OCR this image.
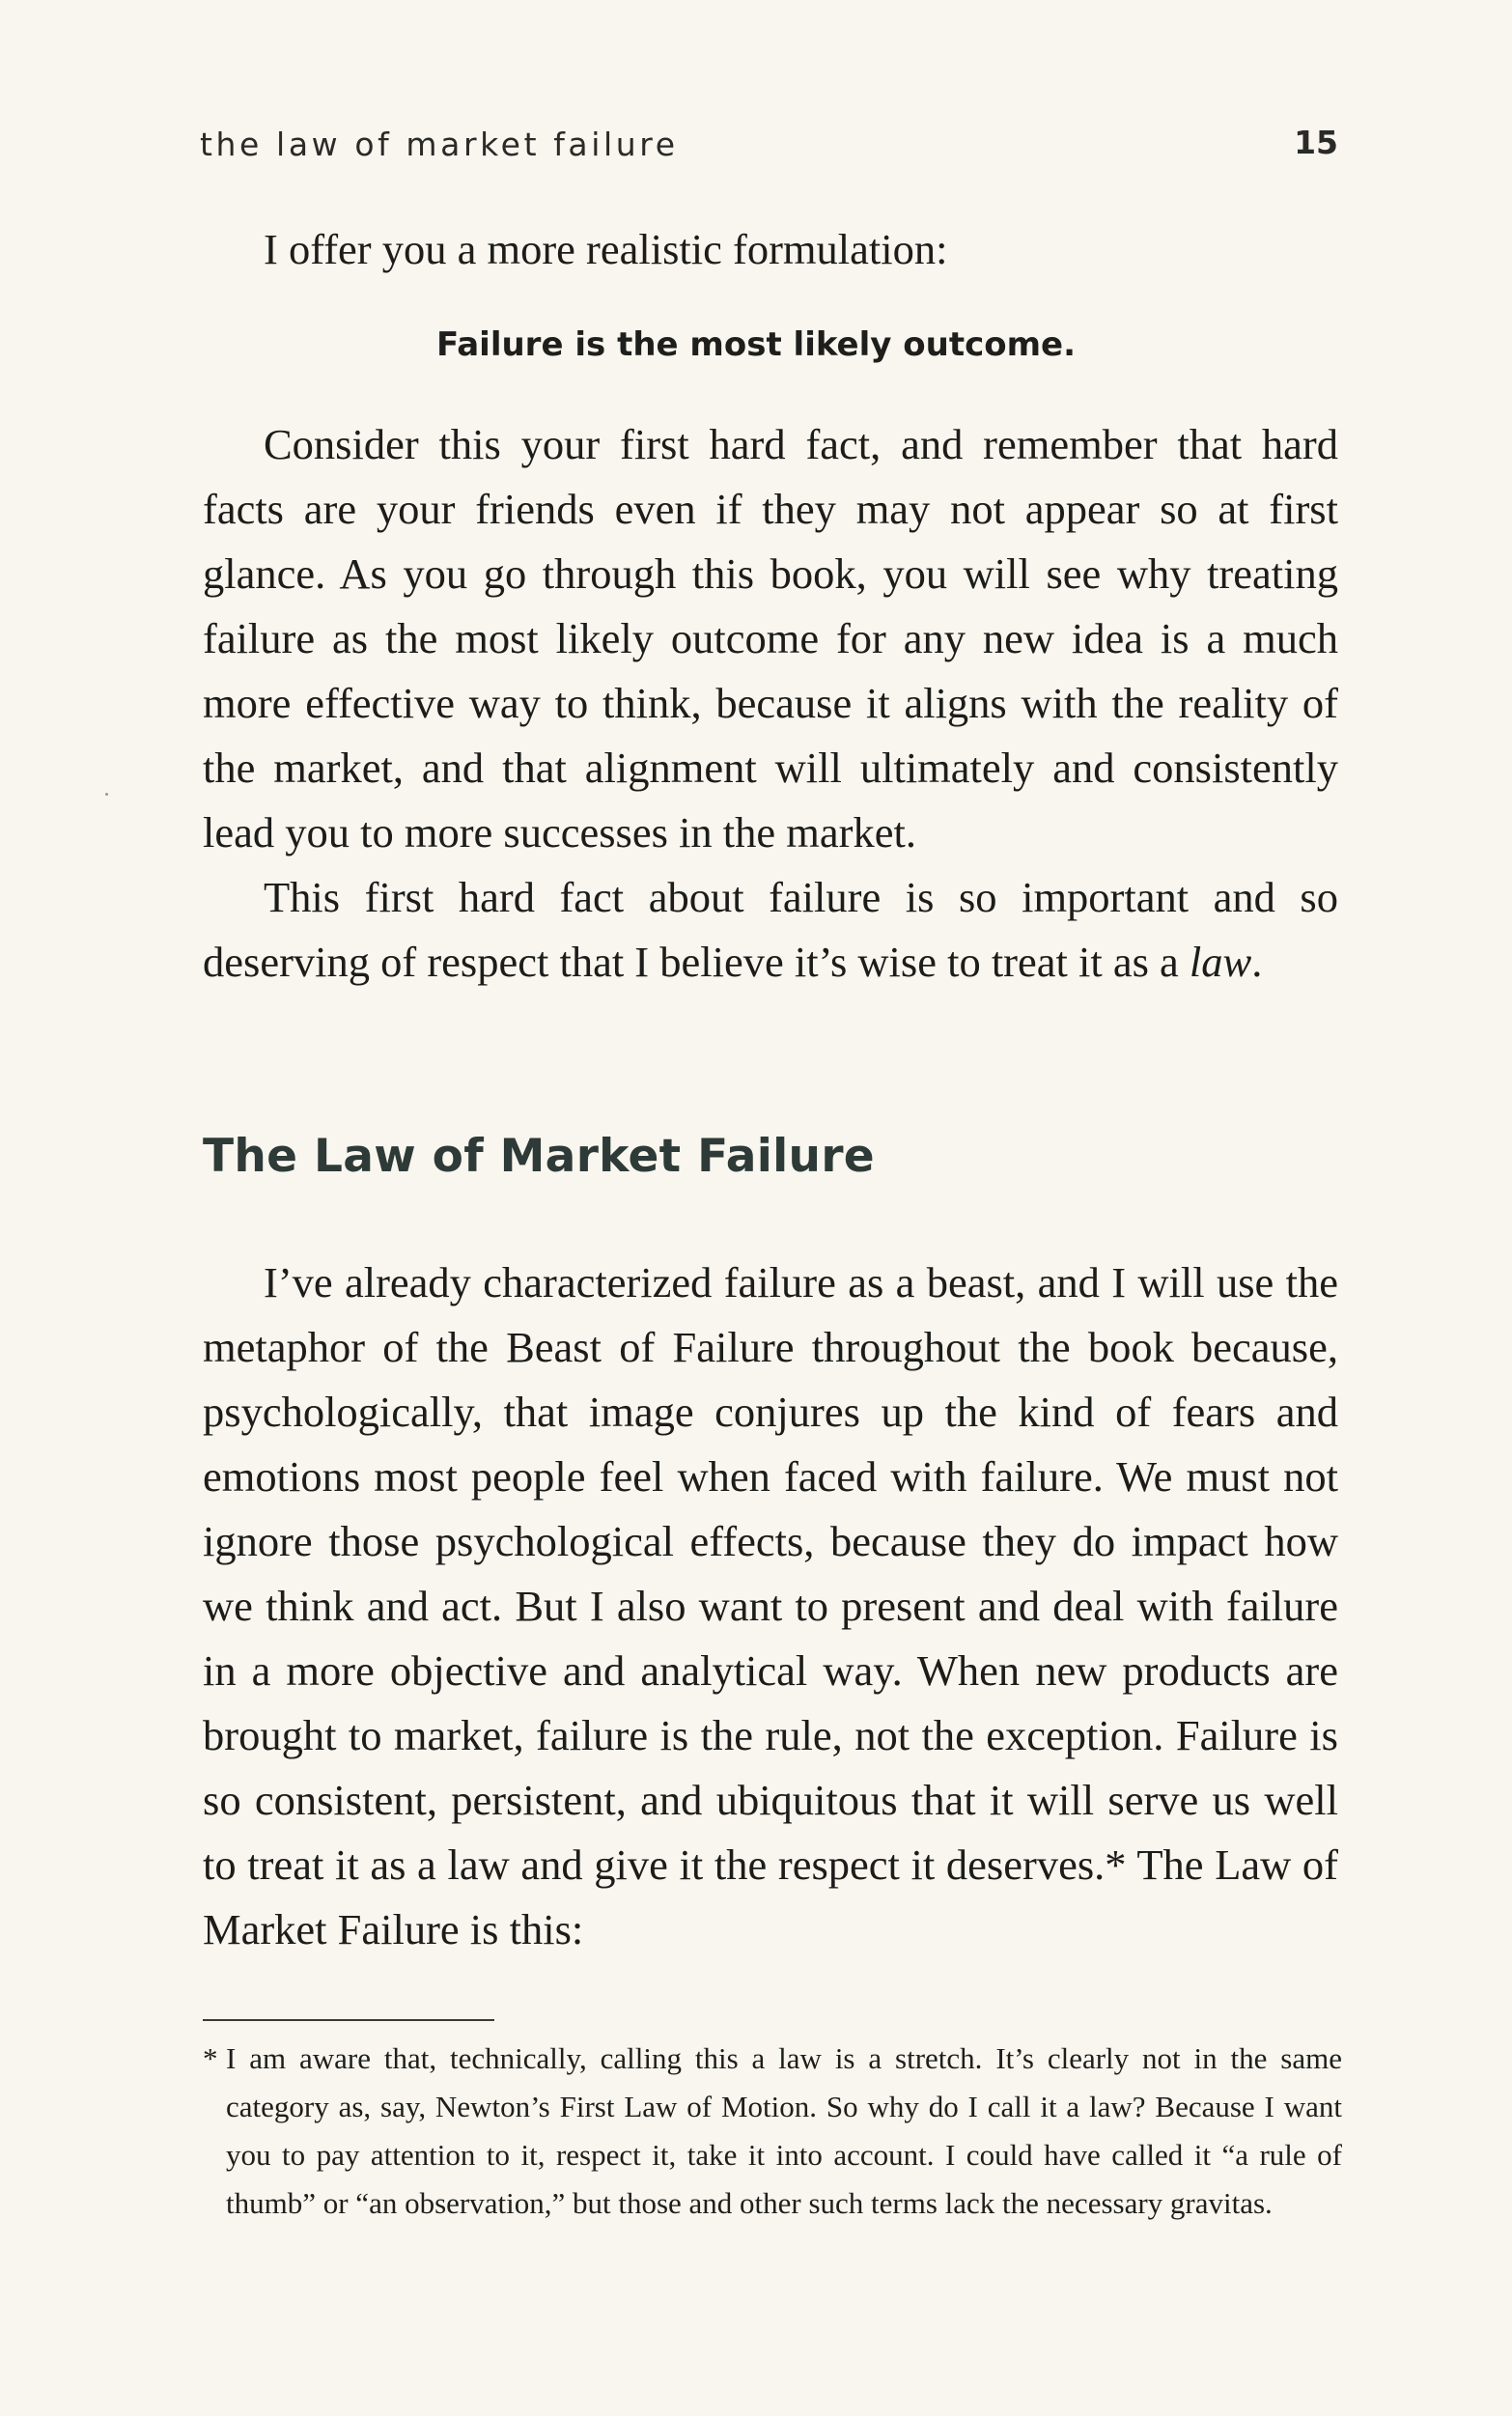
the law of market failure	15

I offer you a more realistic formulation:

Failure is the most likely outcome.

Consider this your first hard fact, and remember that hard facts are your friends even if they may not appear so at first glance. As you go through this book, you will see why treating failure as the most likely outcome for any new idea is a much more effective way to think, because it aligns with the reality of the market, and that alignment will ultimately and consistently lead you to more successes in the market.

This first hard fact about failure is so important and so deserving of respect that I believe it’s wise to treat it as a law.

The Law of Market Failure

I’ve already characterized failure as a beast, and I will use the metaphor of the Beast of Failure throughout the book because, psychologically, that image conjures up the kind of fears and emotions most people feel when faced with failure. We must not ignore those psychological effects, because they do impact how we think and act. But I also want to present and deal with failure in a more objective and analytical way. When new products are brought to market, failure is the rule, not the exception. Failure is so consistent, persistent, and ubiquitous that it will serve us well to treat it as a law and give it the respect it deserves.* The Law of Market Failure is this:

* I am aware that, technically, calling this a law is a stretch. It’s clearly not in the same category as, say, Newton’s First Law of Motion. So why do I call it a law? Because I want you to pay attention to it, respect it, take it into account. I could have called it “a rule of thumb” or “an observation,” but those and other such terms lack the necessary gravitas.
